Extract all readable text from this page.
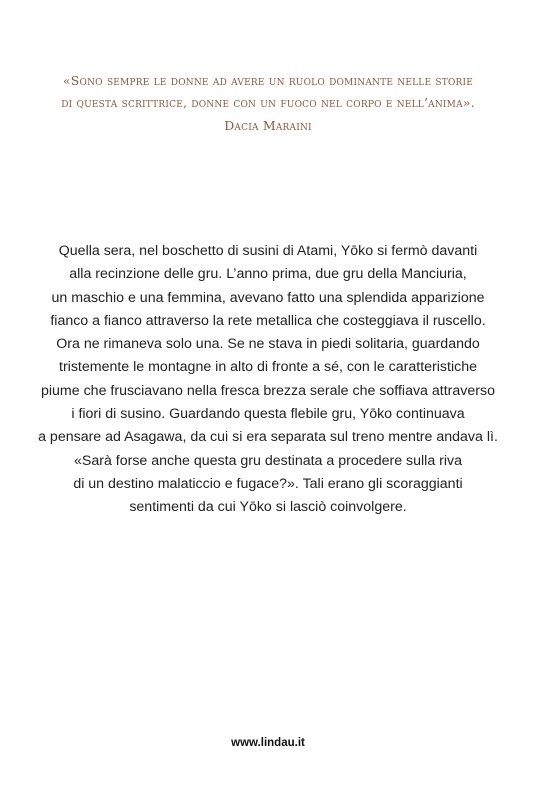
«Sono sempre le donne ad avere un ruolo dominante nelle storie
di questa scrittrice, donne con un fuoco nel corpo e nell’anima».
Dacia Maraini
Quella sera, nel boschetto di susini di Atami, Yōko si fermò davanti
alla recinzione delle gru. L’anno prima, due gru della Manciuria,
un maschio e una femmina, avevano fatto una splendida apparizione
fianco a fianco attraverso la rete metallica che costeggiava il ruscello.
Ora ne rimaneva solo una. Se ne stava in piedi solitaria, guardando
tristemente le montagne in alto di fronte a sé, con le caratteristiche
piume che frusciavano nella fresca brezza serale che soffiava attraverso
i fiori di susino. Guardando questa flebile gru, Yōko continuava
a pensare ad Asagawa, da cui si era separata sul treno mentre andava lì.
«Sarà forse anche questa gru destinata a procedere sulla riva
di un destino malaticcio e fugace?». Tali erano gli scoraggianti
sentimenti da cui Yōko si lasciò coinvolgere.
www.lindau.it
